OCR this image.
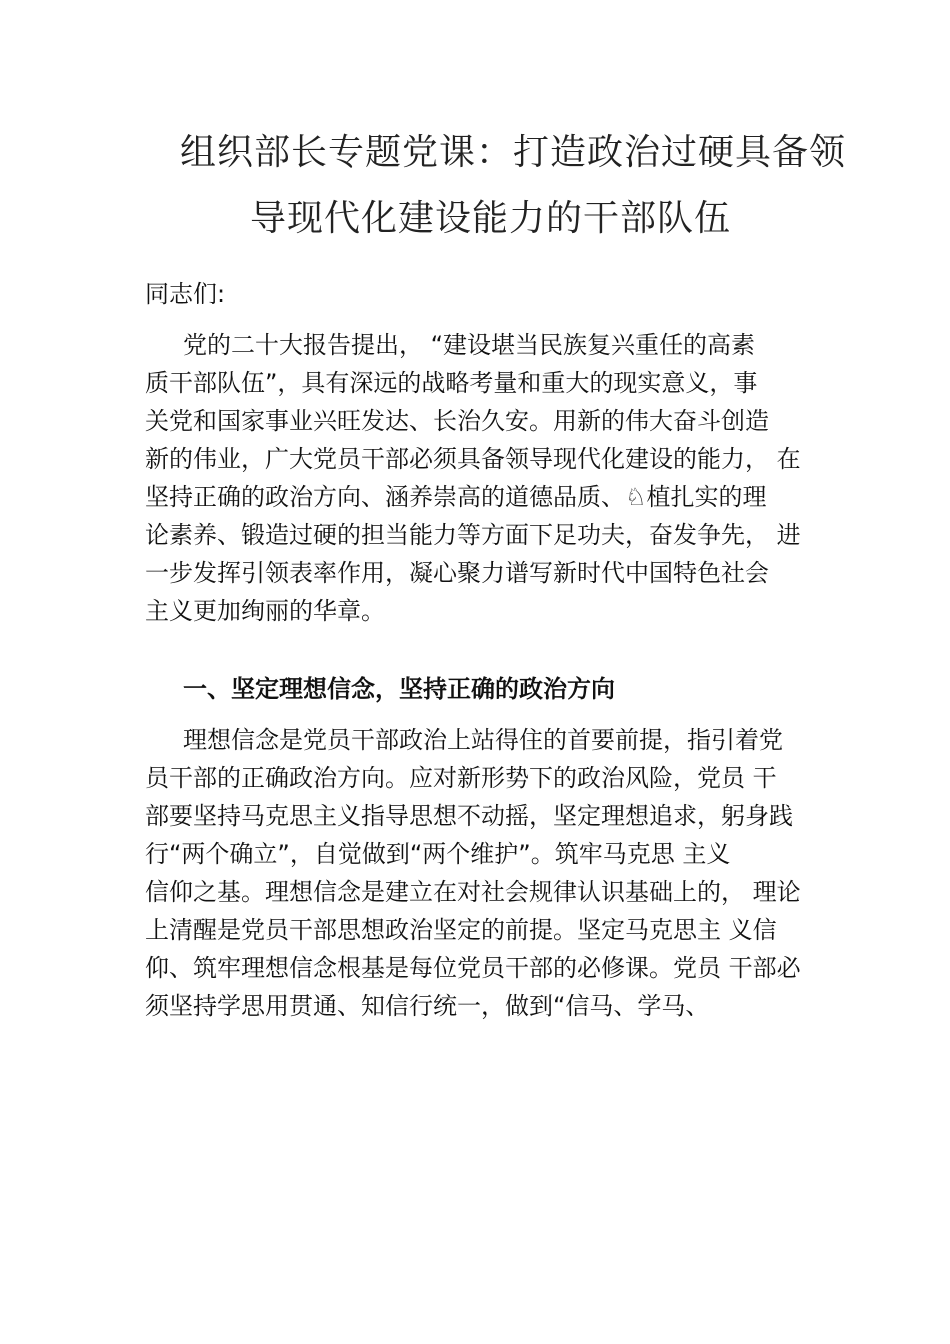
组织部长专题党课：打造政治过硬具备领
导现代化建设能力的干部队伍
同志们:
党的二十大报告提出， “建设堪当民族复兴重任的高素
质干部队伍”，具有深远的战略考量和重大的现实意义，事
关党和国家事业兴旺发达、长治久安。用新的伟大奋斗创造
新的伟业，广大党员干部必须具备领导现代化建设的能力， 在
坚持正确的政治方向、涵养崇高的道德品质、♘植扎实的理
论素养、锻造过硬的担当能力等方面下足功夫，奋发争先， 进
一步发挥引领表率作用，凝心聚力谱写新时代中国特色社会
主义更加绚丽的华章。
一、坚定理想信念，坚持正确的政治方向
理想信念是党员干部政治上站得住的首要前提，指引着党
员干部的正确政治方向。应对新形势下的政治风险，党员 干
部要坚持马克思主义指导思想不动摇，坚定理想追求，躬身践
行“两个确立”，自觉做到“两个维护”。筑牢马克思 主义
信仰之基。理想信念是建立在对社会规律认识基础上的， 理论
上清醒是党员干部思想政治坚定的前提。坚定马克思主 义信
仰、筑牢理想信念根基是每位党员干部的必修课。党员 干部必
须坚持学思用贯通、知信行统一，做到“信马、学马、
